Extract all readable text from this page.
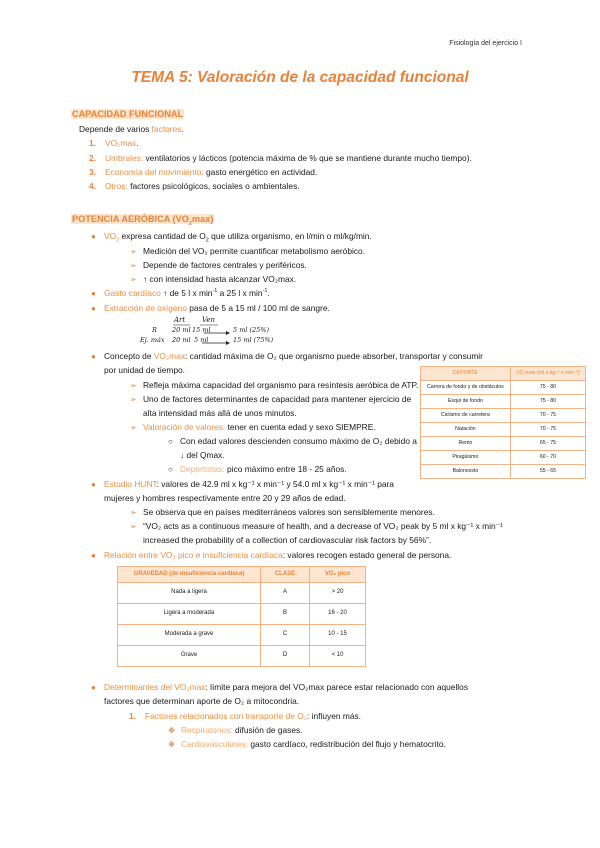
Fisiología del ejercicio I
TEMA 5: Valoración de la capacidad funcional
CAPACIDAD FUNCIONAL
Depende de varios factores.
1. VO₂max.
2. Umbrales: ventilatorios y lácticos (potencia máxima de % que se mantiene durante mucho tiempo).
3. Economía del movimiento: gasto energético en actividad.
4. Otros: factores psicológicos, sociales o ambientales.
POTENCIA AERÓBICA $(VO_2\max)$
● $VO_2$ expresa cantidad de $O_2$ que utiliza organismo, en l/min o ml/kg/min.
➢ Medición del VO₂ permite cuantificar metabolismo aeróbico.
➢ Depende de factores centrales y periféricos.
➢ ↑ con intensidad hasta alcanzar VO₂max.
● Gasto cardíaco ↑ de 5 l x $\min^{-1} a$ 25 l x $\min^{-1}$.
● Extracción de oxígeno pasa de 5 a 15 ml / 100 ml de sangre.
Art Ven
R 20 ml 15 ml	5 ml (25%)
Ej. máx 20 ml 5 ml	15 ml (75%)
● Concepto de VO₂max: cantidad máxima de O₂ que organismo puede absorber, transportar y consumir
por unidad de tiempo.
➢ Refleja máxima capacidad del organismo para resíntesis aeróbica de ATP.
➢ Uno de factores determinantes de capacidad para mantener ejercicio de
alta intensidad más allá de unos minutos.
➢ Valoración de valores: tener en cuenta edad y sexo SIEMPRE.
○ Con edad valores descienden consumo máximo de O₂ debido a
↓ del Qmax.
○ Deportistas: pico máximo entre 18 - 25 años.
DEPORTE	VO₂max (ml x kg⁻¹ x min⁻¹)
Carrera de fondo y de obstáculos	75 - 80
Esquí de fondo	75 - 80
Ciclismo de carretera	70 - 75
Natación	70 - 75
Remo	65 - 75
Piragüismo	60 - 70
Baloncesto	55 - 65
● Estudio HUNT: valores de 42.9 ml x kg⁻¹ x min⁻¹ y 54.0 ml x kg⁻¹ x min⁻¹ para
mujeres y hombres respectivamente entre 20 y 29 años de edad.
➢ Se observa que en países mediterráneos valores son sensiblemente menores.
➢ “VO₂ acts as a continuous measure of health, and a decrease of VO₂ peak by 5 ml x kg⁻¹ x min⁻¹
increased the probability of a collection of cardiovascular risk factors by 56%”.
● Relación entre VO₂ pico e insuficiencia cardíaca: valores recogen estado general de persona.
GRAVEDAD (de insuficiencia cardíaca)	CLASE	VO₂ pico
Nada a ligera	A	> 20
Ligera a moderada	B	16 - 20
Moderada a grave	C	10 - 15
Grave	D	< 10
● Determinantes del VO₂max: límite para mejora del VO₂max parece estar relacionado con aquellos
factores que determinan aporte de O₂ a mitocondria.
1. Factores relacionados con transporte de O₂: influyen más.
❖ Respiratorios: difusión de gases.
❖ Cardiovasculares: gasto cardíaco, redistribución del flujo y hematocrito.
